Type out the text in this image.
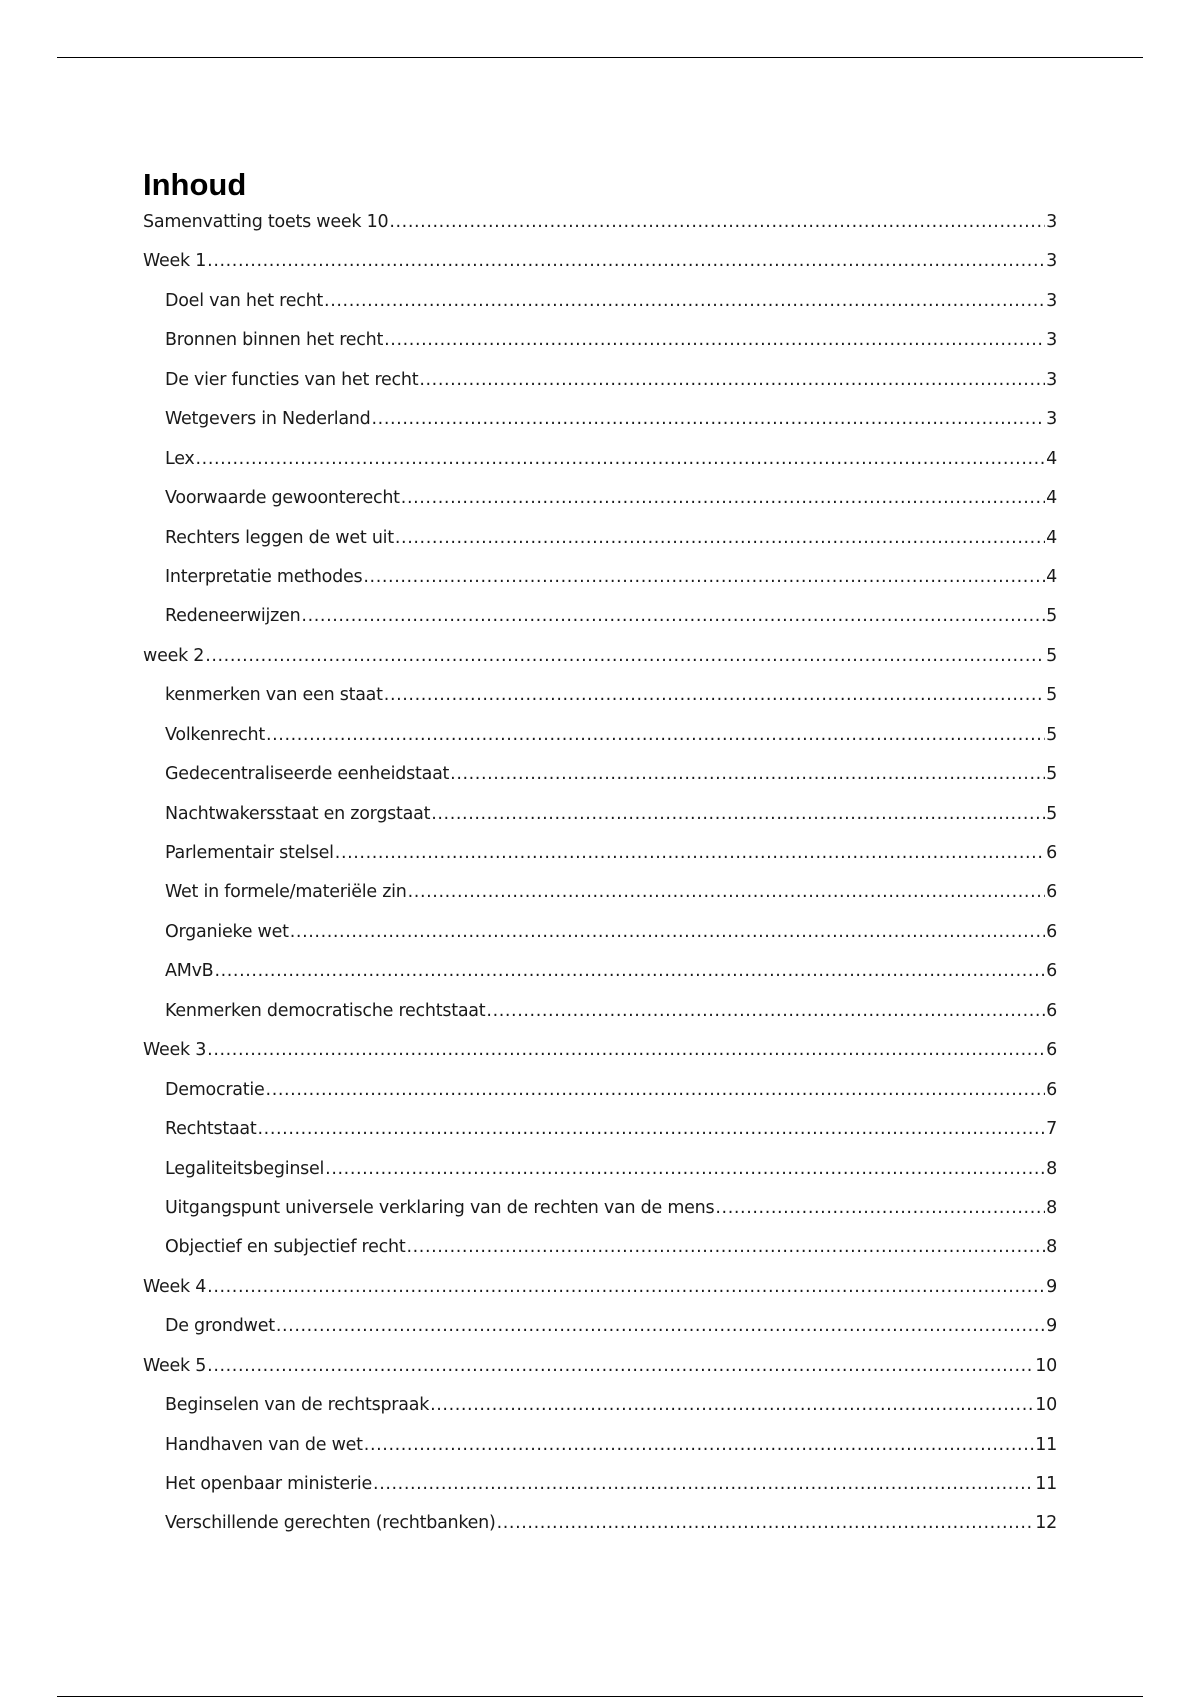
Inhoud
Samenvatting toets week 10 .....	3
Week 1 .....	3
Doel van het recht .....	3
Bronnen binnen het recht .....	3
De vier functies van het recht .....	3
Wetgevers in Nederland .....	3
Lex .....	4
Voorwaarde gewoonterecht .....	4
Rechters leggen de wet uit .....	4
Interpretatie methodes .....	4
Redeneerwijzen .....	5
week 2 .....	5
kenmerken van een staat .....	5
Volkenrecht .....	5
Gedecentraliseerde eenheidstaat .....	5
Nachtwakersstaat en zorgstaat .....	5
Parlementair stelsel .....	6
Wet in formele/materiële zin .....	6
Organieke wet .....	6
AMvB .....	6
Kenmerken democratische rechtstaat .....	6
Week 3 .....	6
Democratie .....	6
Rechtstaat .....	7
Legaliteitsbeginsel .....	8
Uitgangspunt universele verklaring van de rechten van de mens .....	8
Objectief en subjectief recht .....	8
Week 4 .....	9
De grondwet .....	9
Week 5 .....	10
Beginselen van de rechtspraak .....	10
Handhaven van de wet .....	11
Het openbaar ministerie .....	11
Verschillende gerechten (rechtbanken) .....	12
